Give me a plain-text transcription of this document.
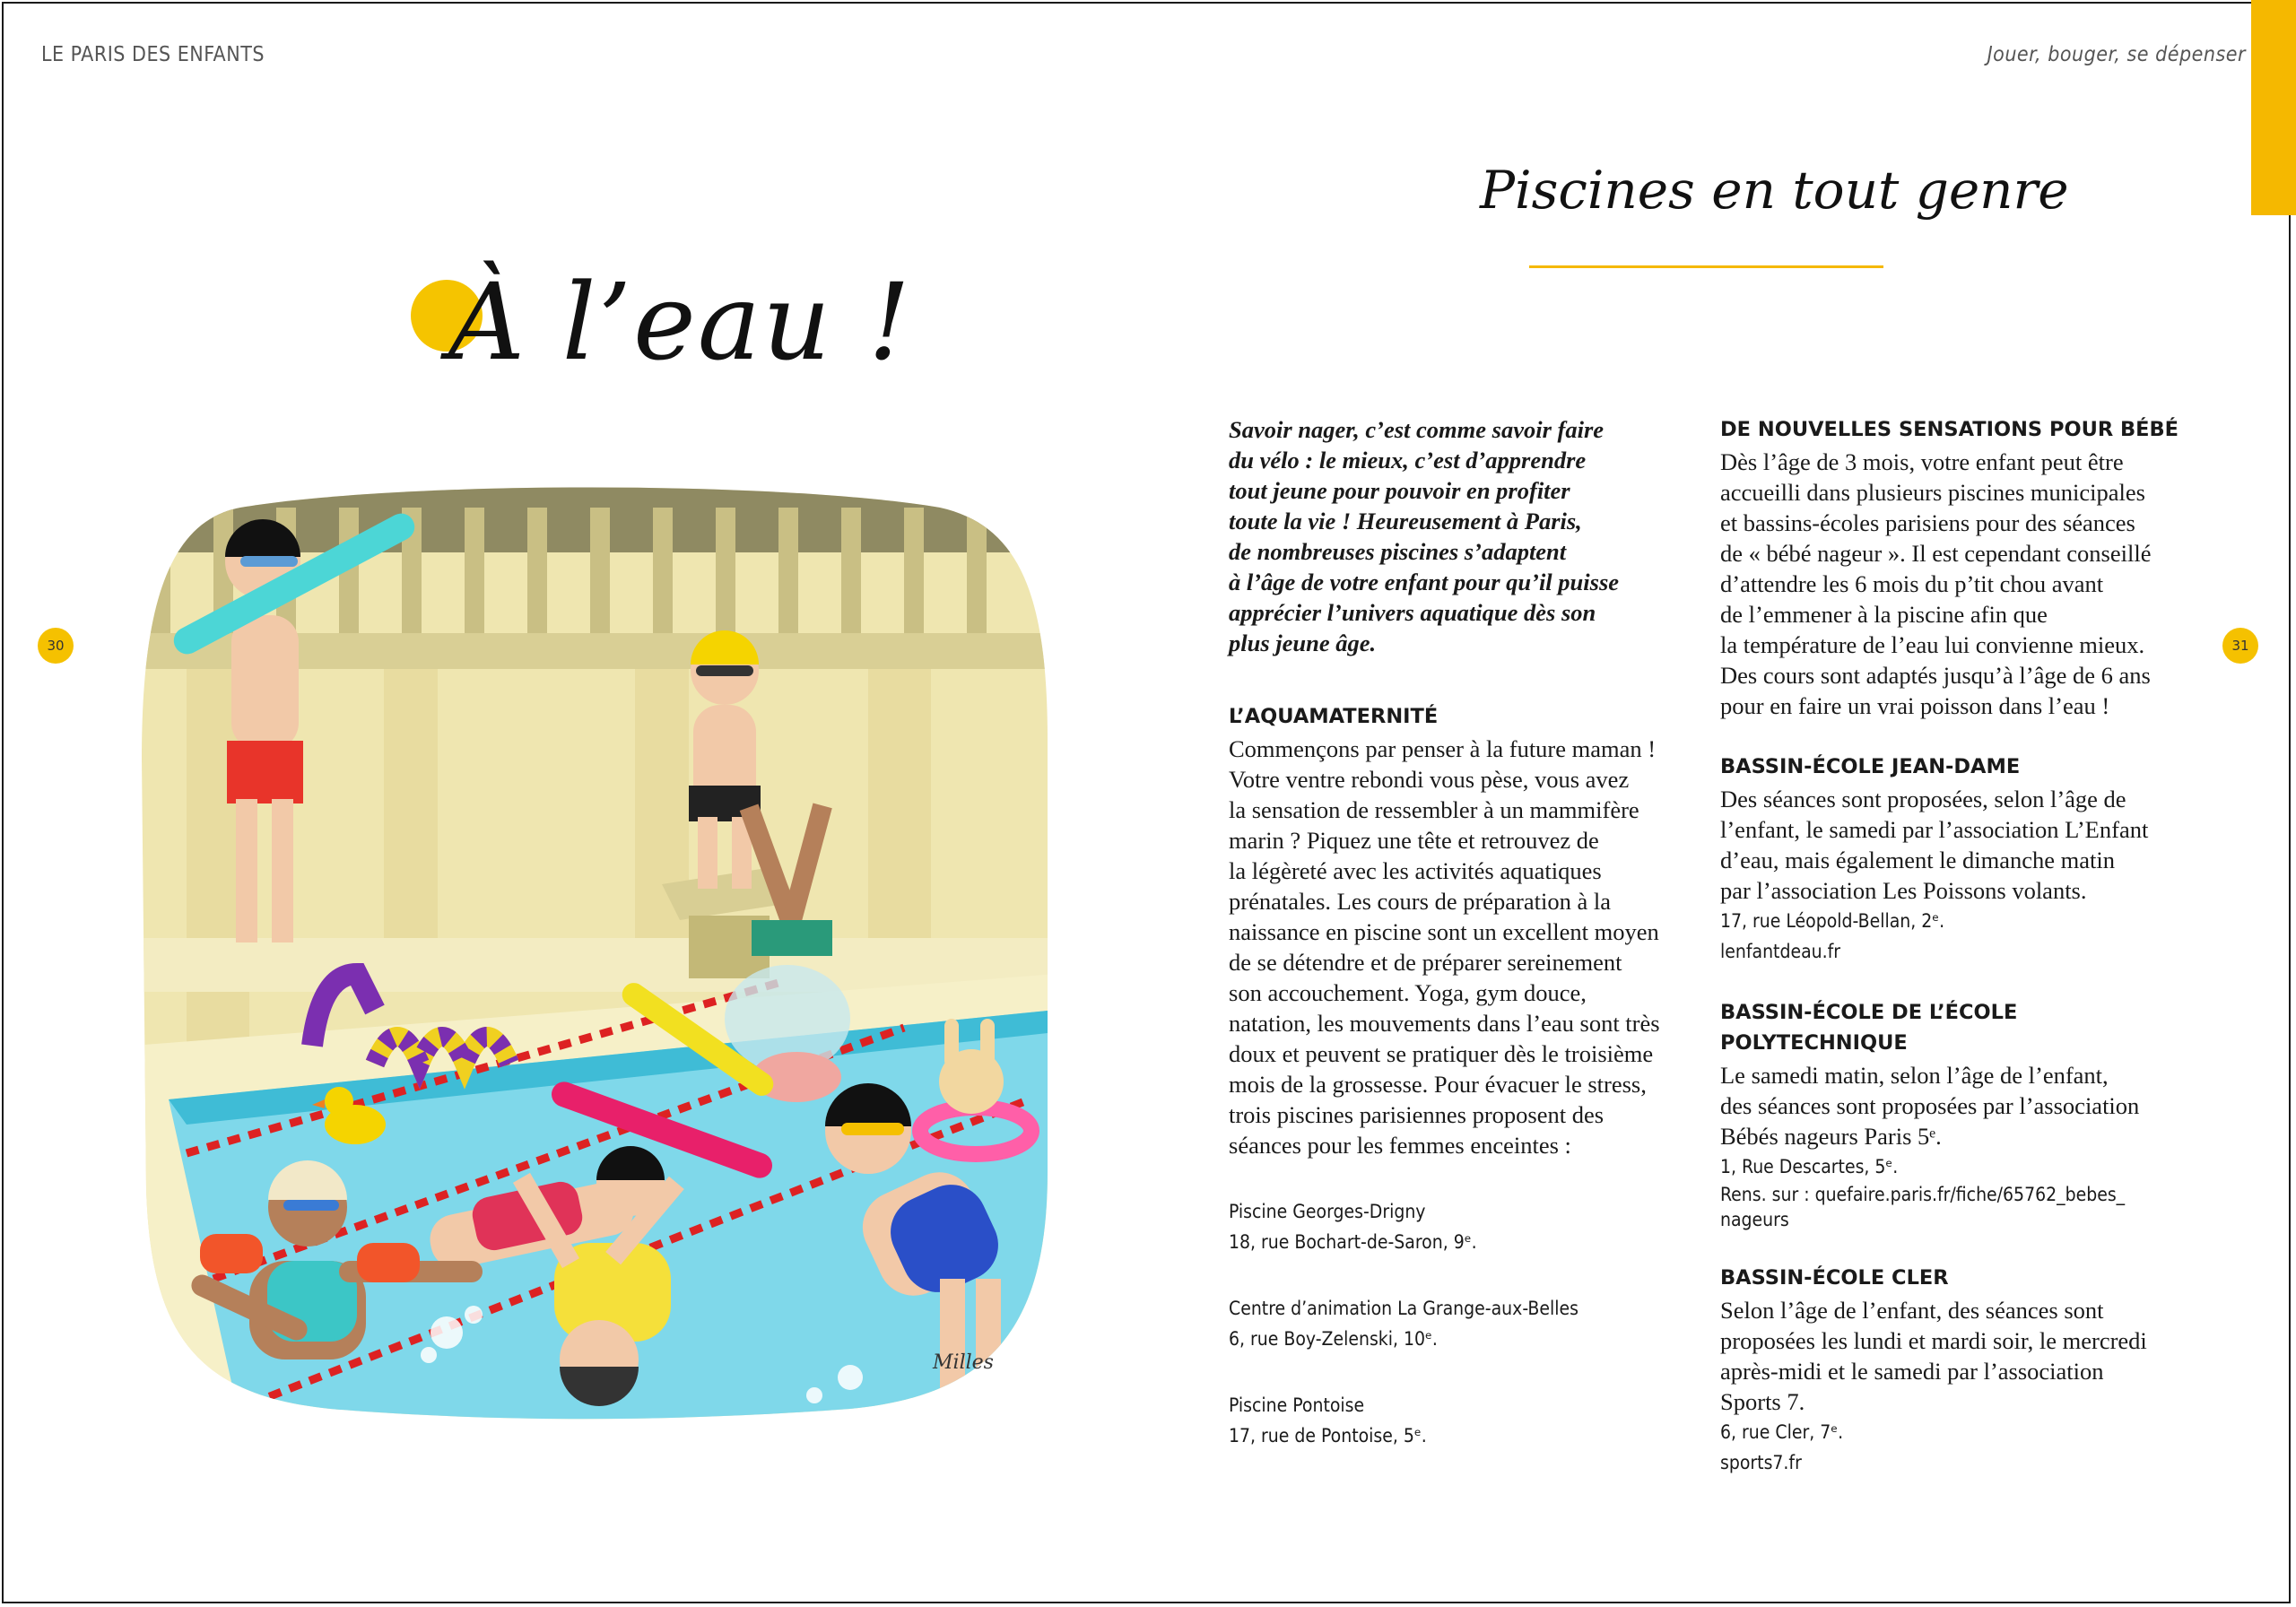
LE PARIS DES ENFANTS
30
À l’eau !
Milles
Jouer, bouger, se dépenser
31
Piscines en tout genre
Savoir nager, c’est comme savoir faire
du vélo : le mieux, c’est d’apprendre
tout jeune pour pouvoir en profiter
toute la vie ! Heureusement à Paris,
de nombreuses piscines s’adaptent
à l’âge de votre enfant pour qu’il puisse
apprécier l’univers aquatique dès son
plus jeune âge.
L’AQUAMATERNITÉ
Commençons par penser à la future maman !
Votre ventre rebondi vous pèse, vous avez
la sensation de ressembler à un mammifère
marin ? Piquez une tête et retrouvez de
la légèreté avec les activités aquatiques
prénatales. Les cours de préparation à la
naissance en piscine sont un excellent moyen
de se détendre et de préparer sereinement
son accouchement. Yoga, gym douce,
natation, les mouvements dans l’eau sont très
doux et peuvent se pratiquer dès le troisième
mois de la grossesse. Pour évacuer le stress,
trois piscines parisiennes proposent des
séances pour les femmes enceintes :
Piscine Georges-Drigny
18, rue Bochart-de-Saron, 9ᵉ.
Centre d’animation La Grange-aux-Belles
6, rue Boy-Zelenski, 10ᵉ.
Piscine Pontoise
17, rue de Pontoise, 5ᵉ.
DE NOUVELLES SENSATIONS POUR BÉBÉ
Dès l’âge de 3 mois, votre enfant peut être
accueilli dans plusieurs piscines municipales
et bassins-écoles parisiens pour des séances
de « bébé nageur ». Il est cependant conseillé
d’attendre les 6 mois du p’tit chou avant
de l’emmener à la piscine afin que
la température de l’eau lui convienne mieux.
Des cours sont adaptés jusqu’à l’âge de 6 ans
pour en faire un vrai poisson dans l’eau !
BASSIN-ÉCOLE JEAN-DAME
Des séances sont proposées, selon l’âge de
l’enfant, le samedi par l’association L’Enfant
d’eau, mais également le dimanche matin
par l’association Les Poissons volants.
17, rue Léopold-Bellan, 2ᵉ.
lenfantdeau.fr
BASSIN-ÉCOLE DE L’ÉCOLE POLYTECHNIQUE
Le samedi matin, selon l’âge de l’enfant,
des séances sont proposées par l’association
Bébés nageurs Paris 5ᵉ.
1, Rue Descartes, 5ᵉ.
Rens. sur : quefaire.paris.fr/fiche/65762_bebes_
nageurs
BASSIN-ÉCOLE CLER
Selon l’âge de l’enfant, des séances sont
proposées les lundi et mardi soir, le mercredi
après-midi et le samedi par l’association
Sports 7.
6, rue Cler, 7ᵉ.
sports7.fr
